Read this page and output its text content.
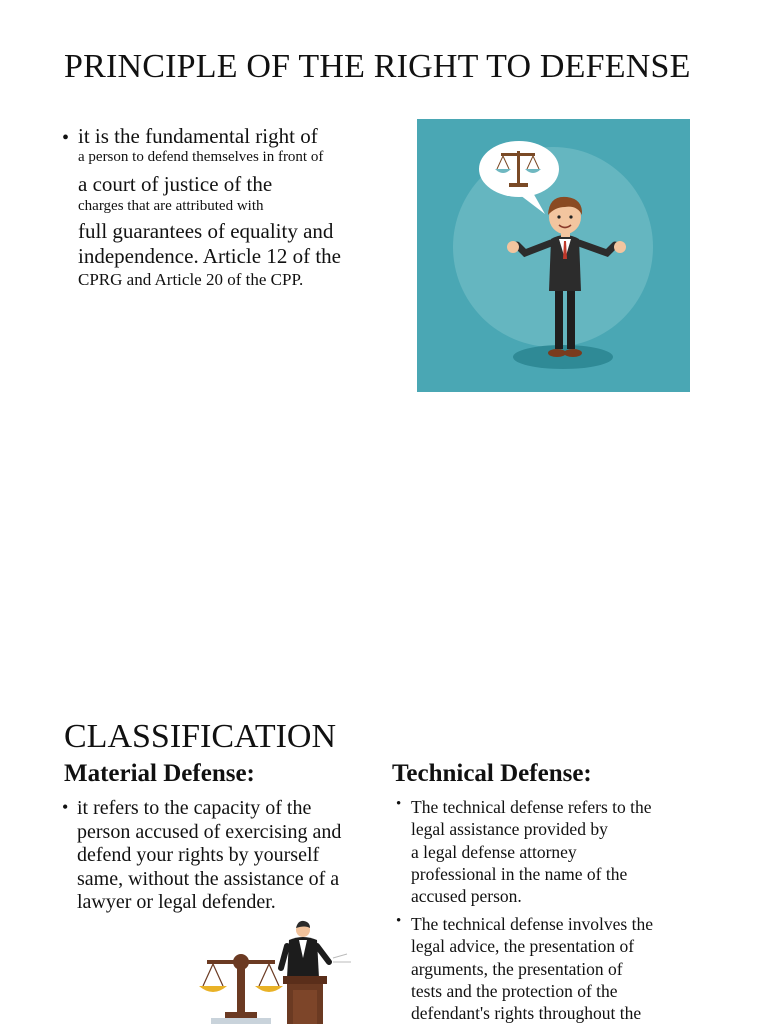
PRINCIPLE OF THE RIGHT TO DEFENSE
• it is the fundamental right of
a person to defend themselves in front of
a court of justice of the
charges that are attributed with
full guarantees of equality and
independence. Article 12 of the
CPRG and Article 20 of the CPP.
CLASSIFICATION
Material Defense:
• it refers to the capacity of the
person accused of exercising and
defend your rights by yourself
same, without the assistance of a
lawyer or legal defender.
Technical Defense:
• The technical defense refers to the
legal assistance provided by
a legal defense attorney
professional in the name of the
accused person.
• The technical defense involves the
legal advice, the presentation of
arguments, the presentation of
tests and the protection of the
defendant's rights throughout the
